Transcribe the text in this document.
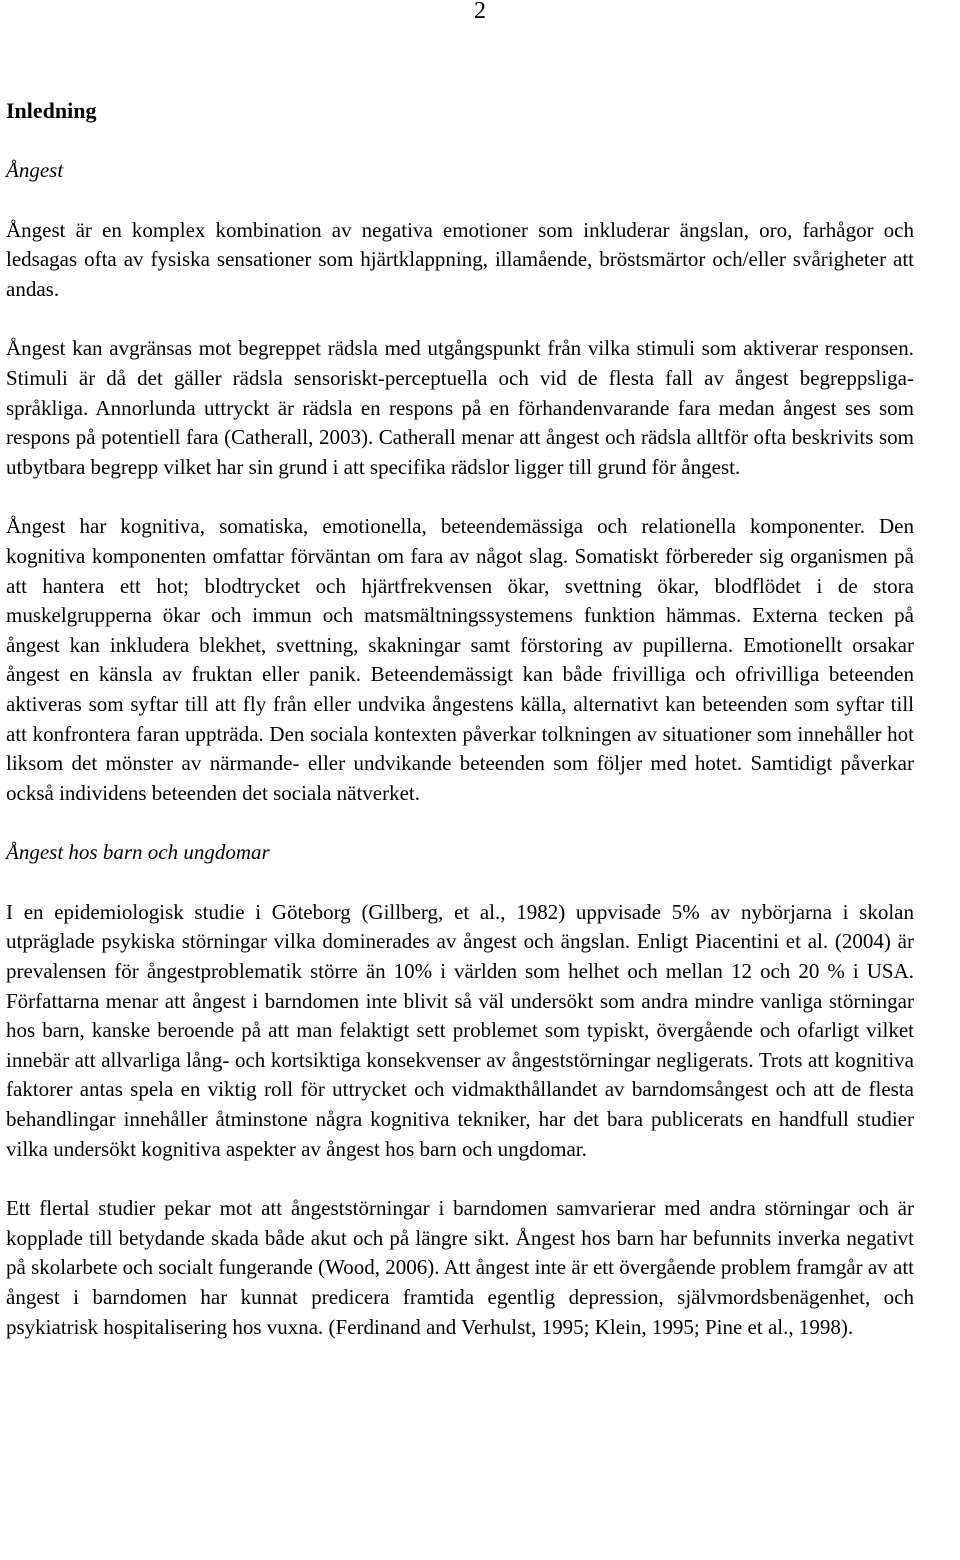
2
Inledning

Ångest

Ångest är en komplex kombination av negativa emotioner som inkluderar ängslan, oro, farhågor och ledsagas ofta av fysiska sensationer som hjärtklappning, illamående, bröstsmärtor och/eller svårigheter att andas.

Ångest kan avgränsas mot begreppet rädsla med utgångspunkt från vilka stimuli som aktiverar responsen. Stimuli är då det gäller rädsla sensoriskt-perceptuella och vid de flesta fall av ångest begreppsliga-språkliga. Annorlunda uttryckt är rädsla en respons på en förhandenvarande fara medan ångest ses som respons på potentiell fara (Catherall, 2003). Catherall menar att ångest och rädsla alltför ofta beskrivits som utbytbara begrepp vilket har sin grund i att specifika rädslor ligger till grund för ångest.

Ångest har kognitiva, somatiska, emotionella, beteendemässiga och relationella komponenter. Den kognitiva komponenten omfattar förväntan om fara av något slag. Somatiskt förbereder sig organismen på att hantera ett hot; blodtrycket och hjärtfrekvensen ökar, svettning ökar, blodflödet i de stora muskelgrupperna ökar och immun och matsmältningssystemens funktion hämmas. Externa tecken på ångest kan inkludera blekhet, svettning, skakningar samt förstoring av pupillerna. Emotionellt orsakar ångest en känsla av fruktan eller panik. Beteendemässigt kan både frivilliga och ofrivilliga beteenden aktiveras som syftar till att fly från eller undvika ångestens källa, alternativt kan beteenden som syftar till att konfrontera faran uppträda. Den sociala kontexten påverkar tolkningen av situationer som innehåller hot liksom det mönster av närmande- eller undvikande beteenden som följer med hotet. Samtidigt påverkar också individens beteenden det sociala nätverket.

Ångest hos barn och ungdomar

I en epidemiologisk studie i Göteborg (Gillberg, et al., 1982) uppvisade 5% av nybörjarna i skolan utpräglade psykiska störningar vilka dominerades av ångest och ängslan. Enligt Piacentini et al. (2004) är prevalensen för ångestproblematik större än 10% i världen som helhet och mellan 12 och 20 % i USA. Författarna menar att ångest i barndomen inte blivit så väl undersökt som andra mindre vanliga störningar hos barn, kanske beroende på att man felaktigt sett problemet som typiskt, övergående och ofarligt vilket innebär att allvarliga lång- och kortsiktiga konsekvenser av ångeststörningar negligerats. Trots att kognitiva faktorer antas spela en viktig roll för uttrycket och vidmakthållandet av barndomsångest och att de flesta behandlingar innehåller åtminstone några kognitiva tekniker, har det bara publicerats en handfull studier vilka undersökt kognitiva aspekter av ångest hos barn och ungdomar.

Ett flertal studier pekar mot att ångeststörningar i barndomen samvarierar med andra störningar och är kopplade till betydande skada både akut och på längre sikt. Ångest hos barn har befunnits inverka negativt på skolarbete och socialt fungerande (Wood, 2006). Att ångest inte är ett övergående problem framgår av att ångest i barndomen har kunnat predicera framtida egentlig depression, självmordsbenägenhet, och psykiatrisk hospitalisering hos vuxna. (Ferdinand and Verhulst, 1995; Klein, 1995; Pine et al., 1998).
